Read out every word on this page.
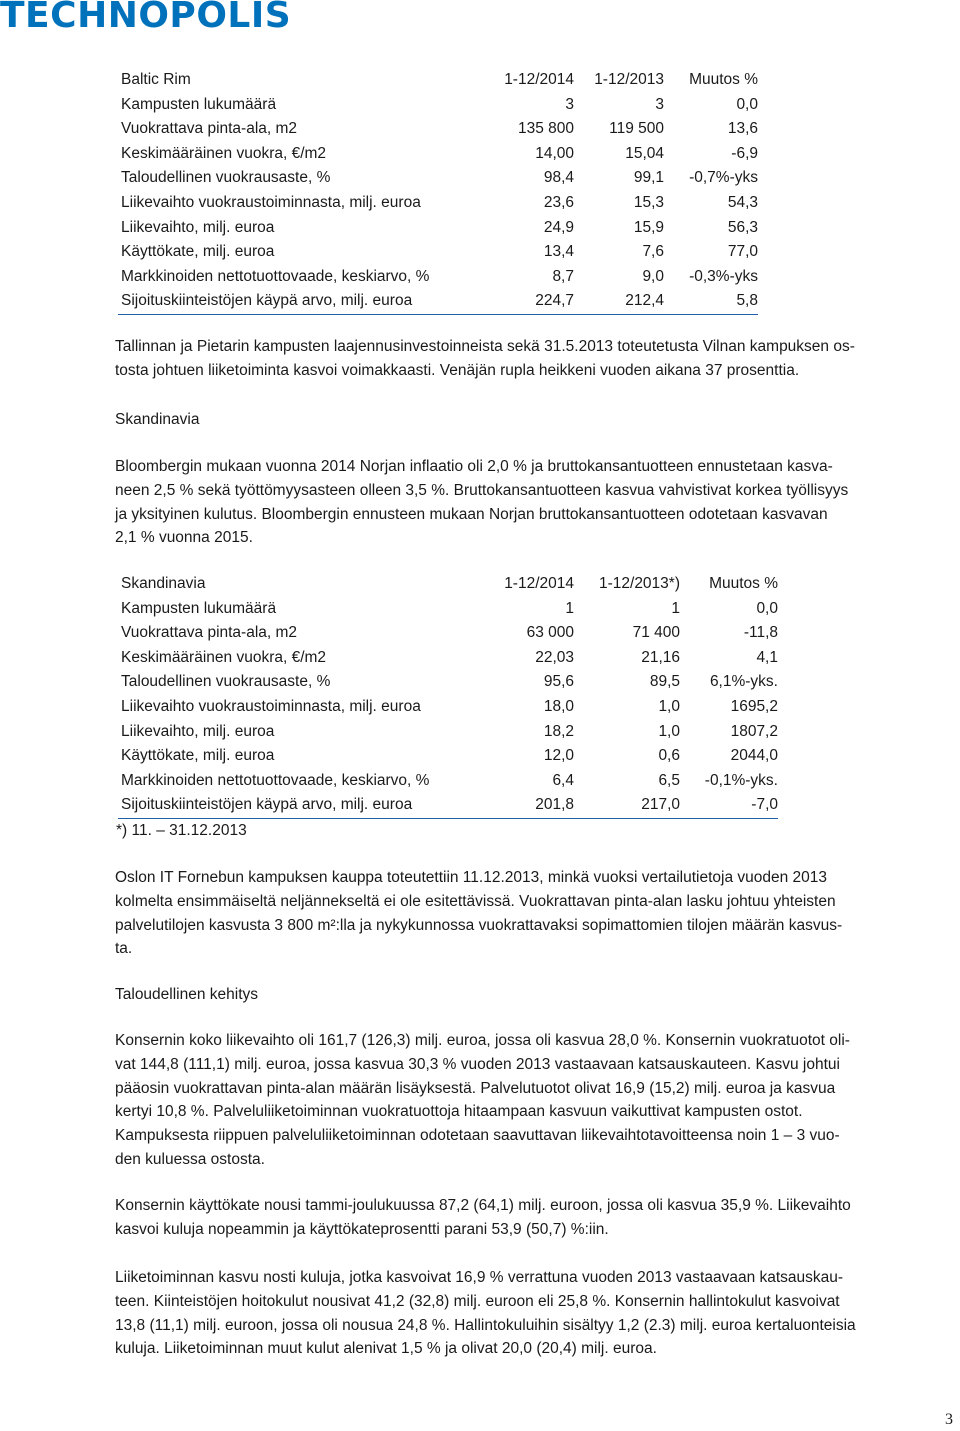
TECHNOPOLIS
Baltic Rim	1-12/2014	1-12/2013	Muutos %
Kampusten lukumäärä	3	3	0,0
Vuokrattava pinta-ala, m2	135 800	119 500	13,6
Keskimääräinen vuokra, €/m2	14,00	15,04	-6,9
Taloudellinen vuokrausaste, %	98,4	99,1	-0,7%-yks
Liikevaihto vuokraustoiminnasta, milj. euroa	23,6	15,3	54,3
Liikevaihto, milj. euroa	24,9	15,9	56,3
Käyttökate, milj. euroa	13,4	7,6	77,0
Markkinoiden nettotuottovaade, keskiarvo, %	8,7	9,0	-0,3%-yks
Sijoituskiinteistöjen käypä arvo, milj. euroa	224,7	212,4	5,8

Tallinnan ja Pietarin kampusten laajennusinvestoinneista sekä 31.5.2013 toteutetusta Vilnan kampuksen os-
tosta johtuen liiketoiminta kasvoi voimakkaasti. Venäjän rupla heikkeni vuoden aikana 37 prosenttia.

Skandinavia

Bloombergin mukaan vuonna 2014 Norjan inflaatio oli 2,0 % ja bruttokansantuotteen ennustetaan kasva-
neen 2,5 % sekä työttömyysasteen olleen 3,5 %. Bruttokansantuotteen kasvua vahvistivat korkea työllisyys
ja yksityinen kulutus. Bloombergin ennusteen mukaan Norjan bruttokansantuotteen odotetaan kasvavan
2,1 % vuonna 2015.

Skandinavia	1-12/2014	1-12/2013*)	Muutos %
Kampusten lukumäärä	1	1	0,0
Vuokrattava pinta-ala, m2	63 000	71 400	-11,8
Keskimääräinen vuokra, €/m2	22,03	21,16	4,1
Taloudellinen vuokrausaste, %	95,6	89,5	6,1%-yks.
Liikevaihto vuokraustoiminnasta, milj. euroa	18,0	1,0	1695,2
Liikevaihto, milj. euroa	18,2	1,0	1807,2
Käyttökate, milj. euroa	12,0	0,6	2044,0
Markkinoiden nettotuottovaade, keskiarvo, %	6,4	6,5	-0,1%-yks.
Sijoituskiinteistöjen käypä arvo, milj. euroa	201,8	217,0	-7,0
*) 11. – 31.12.2013

Oslon IT Fornebun kampuksen kauppa toteutettiin 11.12.2013, minkä vuoksi vertailutietoja vuoden 2013
kolmelta ensimmäiseltä neljännekseltä ei ole esitettävissä. Vuokrattavan pinta-alan lasku johtuu yhteisten
palvelutilojen kasvusta 3 800 m²:lla ja nykykunnossa vuokrattavaksi sopimattomien tilojen määrän kasvus-
ta.

Taloudellinen kehitys

Konsernin koko liikevaihto oli 161,7 (126,3) milj. euroa, jossa oli kasvua 28,0 %. Konsernin vuokratuotot oli-
vat 144,8 (111,1) milj. euroa, jossa kasvua 30,3 % vuoden 2013 vastaavaan katsauskauteen. Kasvu johtui
pääosin vuokrattavan pinta-alan määrän lisäyksestä. Palvelutuotot olivat 16,9 (15,2) milj. euroa ja kasvua
kertyi 10,8 %. Palveluliiketoiminnan vuokratuottoja hitaampaan kasvuun vaikuttivat kampusten ostot.
Kampuksesta riippuen palveluliiketoiminnan odotetaan saavuttavan liikevaihtotavoitteensa noin 1 – 3 vuo-
den kuluessa ostosta.

Konsernin käyttökate nousi tammi-joulukuussa 87,2 (64,1) milj. euroon, jossa oli kasvua 35,9 %. Liikevaihto
kasvoi kuluja nopeammin ja käyttökateprosentti parani 53,9 (50,7) %:iin.

Liiketoiminnan kasvu nosti kuluja, jotka kasvoivat 16,9 % verrattuna vuoden 2013 vastaavaan katsauskau-
teen. Kiinteistöjen hoitokulut nousivat 41,2 (32,8) milj. euroon eli 25,8 %. Konsernin hallintokulut kasvoivat
13,8 (11,1) milj. euroon, jossa oli nousua 24,8 %. Hallintokuluihin sisältyy 1,2 (2.3) milj. euroa kertaluonteisia
kuluja. Liiketoiminnan muut kulut alenivat 1,5 % ja olivat 20,0 (20,4) milj. euroa.

3
